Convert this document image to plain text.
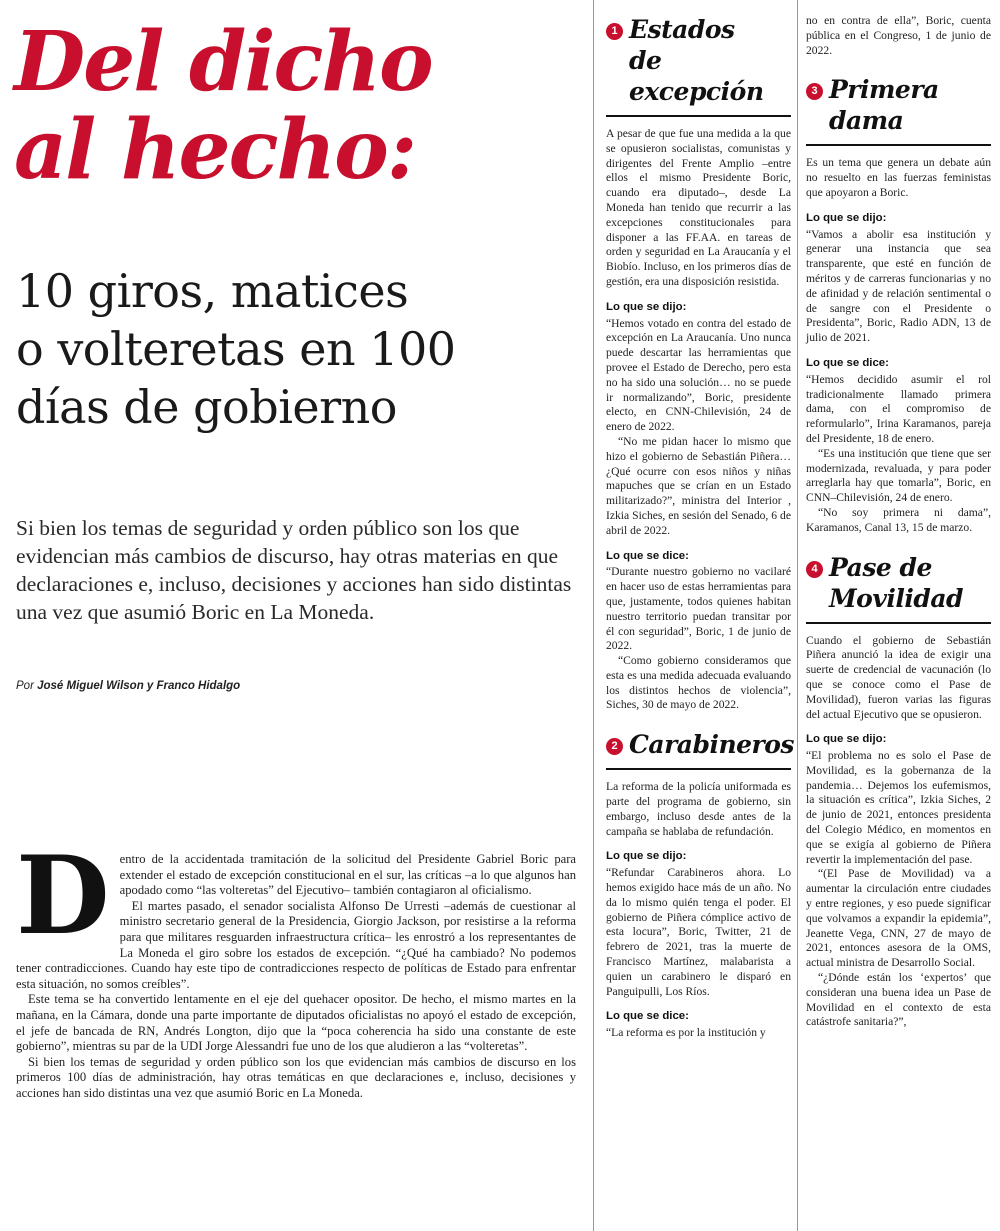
Del dicho
al hecho:
10 giros, matices
o volteretas en 100
días de gobierno

Si bien los temas de seguridad y orden público son los que evidencian más cambios de discurso, hay otras materias en que declaraciones e, incluso, decisiones y acciones han sido distintas una vez que asumió Boric en La Moneda.

Por José Miguel Wilson y Franco Hidalgo

D entro de la accidentada tramitación de la solicitud del Presidente Gabriel Boric para extender el estado de excepción constitucional en el sur, las críticas –a lo que algunos han apodado como “las volteretas” del Ejecutivo– también contagiaron al oficialismo.

El martes pasado, el senador socialista Alfonso De Urresti –además de cuestionar al ministro secretario general de la Presidencia, Giorgio Jackson, por resistirse a la reforma para que militares resguarden infraestructura crítica– les enrostró a los representantes de La Moneda el giro sobre los estados de excepción. “¿Qué ha cambiado? No podemos tener contradicciones. Cuando hay este tipo de contradicciones respecto de políticas de Estado para enfrentar esta situación, no somos creíbles”.

Este tema se ha convertido lentamente en el eje del quehacer opositor. De hecho, el mismo martes en la mañana, en la Cámara, donde una parte importante de diputados oficialistas no apoyó el estado de excepción, el jefe de bancada de RN, Andrés Longton, dijo que la “poca coherencia ha sido una constante de este gobierno”, mientras su par de la UDI Jorge Alessandri fue uno de los que aludieron a las “volteretas”.

Si bien los temas de seguridad y orden público son los que evidencian más cambios de discurso en los primeros 100 días de administración, hay otras temáticas en que declaraciones e, incluso, decisiones y acciones han sido distintas una vez que asumió Boric en La Moneda.

1 Estados
de excepción

A pesar de que fue una medida a la que se opusieron socialistas, comunistas y dirigentes del Frente Amplio –entre ellos el mismo Presidente Boric, cuando era diputado–, desde La Moneda han tenido que recurrir a las excepciones constitucionales para disponer a las FF.AA. en tareas de orden y seguridad en La Araucanía y el Biobío. Incluso, en los primeros días de gestión, era una disposición resistida.

Lo que se dijo:

“Hemos votado en contra del estado de excepción en La Araucanía. Uno nunca puede descartar las herramientas que provee el Estado de Derecho, pero esta no ha sido una solución… no se puede ir normalizando”, Boric, presidente electo, en CNN-Chilevisión, 24 de enero de 2022.

“No me pidan hacer lo mismo que hizo el gobierno de Sebastián Piñera… ¿Qué ocurre con esos niños y niñas mapuches que se crían en un Estado militarizado?”, ministra del Interior , Izkia Siches, en sesión del Senado, 6 de abril de 2022.

Lo que se dice:

“Durante nuestro gobierno no vacilaré en hacer uso de estas herramientas para que, justamente, todos quienes habitan nuestro territorio puedan transitar por él con seguridad”, Boric, 1 de junio de 2022.

“Como gobierno consideramos que esta es una medida adecuada evaluando los distintos hechos de violencia”, Siches, 30 de mayo de 2022.

2 Carabineros

La reforma de la policía uniformada es parte del programa de gobierno, sin embargo, incluso desde antes de la campaña se hablaba de refundación.

Lo que se dijo:

“Refundar Carabineros ahora. Lo hemos exigido hace más de un año. No da lo mismo quién tenga el poder. El gobierno de Piñera cómplice activo de esta locura”, Boric, Twitter, 21 de febrero de 2021, tras la muerte de Francisco Martínez, malabarista a quien un carabinero le disparó en Panguipulli, Los Ríos.

Lo que se dice:

“La reforma es por la institución y

no en contra de ella”, Boric, cuenta pública en el Congreso, 1 de junio de 2022.

3 Primera
dama

Es un tema que genera un debate aún no resuelto en las fuerzas feministas que apoyaron a Boric.

Lo que se dijo:

“Vamos a abolir esa institución y generar una instancia que sea transparente, que esté en función de méritos y de carreras funcionarias y no de afinidad y de relación sentimental o de sangre con el Presidente o Presidenta”, Boric, Radio ADN, 13 de julio de 2021.

Lo que se dice:

“Hemos decidido asumir el rol tradicionalmente llamado primera dama, con el compromiso de reformularlo”, Irina Karamanos, pareja del Presidente, 18 de enero.

“Es una institución que tiene que ser modernizada, revaluada, y para poder arreglarla hay que tomarla”, Boric, en CNN–Chilevisión, 24 de enero.

“No soy primera ni dama”, Karamanos, Canal 13, 15 de marzo.

4 Pase de
Movilidad

Cuando el gobierno de Sebastián Piñera anunció la idea de exigir una suerte de credencial de vacunación (lo que se conoce como el Pase de Movilidad), fueron varias las figuras del actual Ejecutivo que se opusieron.

Lo que se dijo:

“El problema no es solo el Pase de Movilidad, es la gobernanza de la pandemia… Dejemos los eufemismos, la situación es crítica”, Izkia Siches, 2 de junio de 2021, entonces presidenta del Colegio Médico, en momentos en que se exigía al gobierno de Piñera revertir la implementación del pase.

“(El Pase de Movilidad) va a aumentar la circulación entre ciudades y entre regiones, y eso puede significar que volvamos a expandir la epidemia”, Jeanette Vega, CNN, 27 de mayo de 2021, entonces asesora de la OMS, actual ministra de Desarrollo Social.

“¿Dónde están los ‘expertos’ que consideran una buena idea un Pase de Movilidad en el contexto de esta catástrofe sanitaria?”,
